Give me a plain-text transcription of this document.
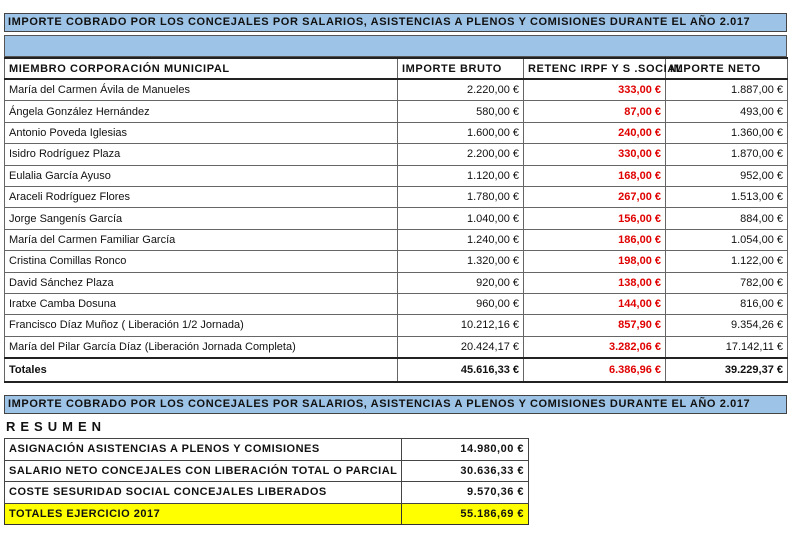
IMPORTE COBRADO POR LOS CONCEJALES POR SALARIOS, ASISTENCIAS A PLENOS Y COMISIONES DURANTE EL AÑO 2.017
MIEMBRO CORPORACIÓN MUNICIPAL	IMPORTE BRUTO	RETENC IRPF Y S .SOCIAL	IMPORTE NETO
María del Carmen Ávila de Manueles	2.220,00 €	333,00 €	1.887,00 €
Ángela González Hernández	580,00 €	87,00 €	493,00 €
Antonio Poveda Iglesias	1.600,00 €	240,00 €	1.360,00 €
Isidro Rodríguez Plaza	2.200,00 €	330,00 €	1.870,00 €
Eulalia García Ayuso	1.120,00 €	168,00 €	952,00 €
Araceli Rodríguez Flores	1.780,00 €	267,00 €	1.513,00 €
Jorge Sangenís García	1.040,00 €	156,00 €	884,00 €
María del Carmen Familiar García	1.240,00 €	186,00 €	1.054,00 €
Cristina Comillas Ronco	1.320,00 €	198,00 €	1.122,00 €
David Sánchez Plaza	920,00 €	138,00 €	782,00 €
Iratxe Camba Dosuna	960,00 €	144,00 €	816,00 €
Francisco Díaz Muñoz ( Liberación 1/2 Jornada)	10.212,16 €	857,90 €	9.354,26 €
María del Pilar García Díaz (Liberación Jornada Completa)	20.424,17 €	3.282,06 €	17.142,11 €
Totales	45.616,33 €	6.386,96 €	39.229,37 €
IMPORTE COBRADO POR LOS CONCEJALES POR SALARIOS, ASISTENCIAS A PLENOS Y COMISIONES DURANTE EL AÑO 2.017
RESUMEN
ASIGNACIÓN ASISTENCIAS A PLENOS Y COMISIONES	14.980,00 €
SALARIO NETO CONCEJALES CON LIBERACIÓN TOTAL O PARCIAL	30.636,33 €
COSTE SESURIDAD SOCIAL CONCEJALES LIBERADOS	9.570,36 €
TOTALES EJERCICIO 2017	55.186,69 €
